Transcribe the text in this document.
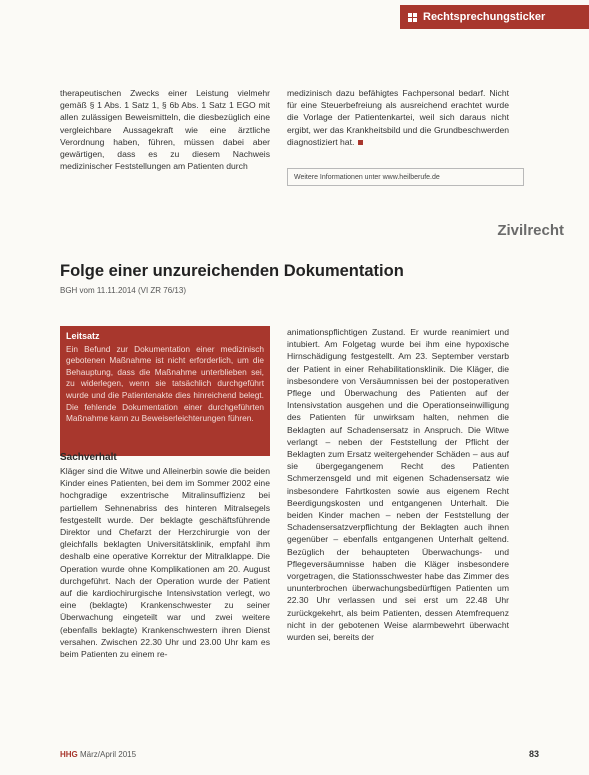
Rechtsprechungsticker

therapeutischen Zwecks einer Leistung vielmehr gemäß § 1 Abs. 1 Satz 1, § 6b Abs. 1 Satz 1 EGO mit allen zulässigen Beweismitteln, die diesbezüglich eine vergleichbare Aussagekraft wie eine ärztliche Verordnung haben, führen, müssen dabei aber gewärtigen, dass es zu diesem Nachweis medizinischer Feststellungen am Patienten durch

medizinisch dazu befähigtes Fachpersonal bedarf. Nicht für eine Steuerbefreiung als ausreichend erachtet wurde die Vorlage der Patientenkartei, weil sich daraus nicht ergibt, wer das Krankheitsbild und die Grundbeschwerden diagnostiziert hat.

Weitere Informationen unter www.heilberufe.de
Zivilrecht
Folge einer unzureichenden Dokumentation
BGH vom 11.11.2014 (VI ZR 76/13)
Leitsatz
Ein Befund zur Dokumentation einer medizinisch gebotenen Maßnahme ist nicht erforderlich, um die Behauptung, dass die Maßnahme unterblieben sei, zu widerlegen, wenn sie tatsächlich durchgeführt wurde und die Patientenakte dies hinreichend belegt. Die fehlende Dokumentation einer durchgeführten Maßnahme kann zu Beweiserleichterungen führen.
Sachverhalt

Kläger sind die Witwe und Alleinerbin sowie die beiden Kinder eines Patienten, bei dem im Sommer 2002 eine hochgradige exzentrische Mitralinsuffizienz bei partiellem Sehnenabriss des hinteren Mitralsegels festgestellt wurde. Der beklagte geschäftsführende Direktor und Chefarzt der Herzchirurgie von der gleichfalls beklagten Universitätsklinik, empfahl ihm deshalb eine operative Korrektur der Mitralklappe. Die Operation wurde ohne Komplikationen am 20. August durchgeführt. Nach der Operation wurde der Patient auf die kardiochirurgische Intensivstation verlegt, wo eine (beklagte) Krankenschwester zu seiner Überwachung eingeteilt war und zwei weitere (ebenfalls beklagte) Krankenschwestern ihren Dienst versahen. Zwischen 22.30 Uhr und 23.00 Uhr kam es beim Patienten zu einem re-

animationspflichtigen Zustand. Er wurde reanimiert und intubiert. Am Folgetag wurde bei ihm eine hypoxische Hirnschädigung festgestellt. Am 23. September verstarb der Patient in einer Rehabilitationsklinik. Die Kläger, die insbesondere von Versäumnissen bei der postoperativen Pflege und Überwachung des Patienten auf der Intensivstation ausgehen und die Operationseinwilligung des Patienten für unwirksam halten, nehmen die Beklagten auf Schadensersatz in Anspruch. Die Witwe verlangt – neben der Feststellung der Pflicht der Beklagten zum Ersatz weitergehender Schäden – aus auf sie übergegangenem Recht des Patienten Schmerzensgeld und mit eigenen Schadensersatz wie insbesondere Fahrtkosten sowie aus eigenem Recht Beerdigungskosten und entgangenen Unterhalt. Die beiden Kinder machen – neben der Feststellung der Schadensersatzverpflichtung der Beklagten auch ihnen gegenüber – ebenfalls entgangenen Unterhalt geltend. Bezüglich der behaupteten Überwachungs- und Pflegeversäumnisse haben die Kläger insbesondere vorgetragen, die Stationsschwester habe das Zimmer des ununterbrochen überwachungsbedürftigen Patienten um 22.30 Uhr verlassen und sei erst um 22.48 Uhr zurückgekehrt, als beim Patienten, dessen Atemfrequenz nicht in der gebotenen Weise alarmbewehrt überwacht wurden sei, bereits der

HHG März/April 2015	83
